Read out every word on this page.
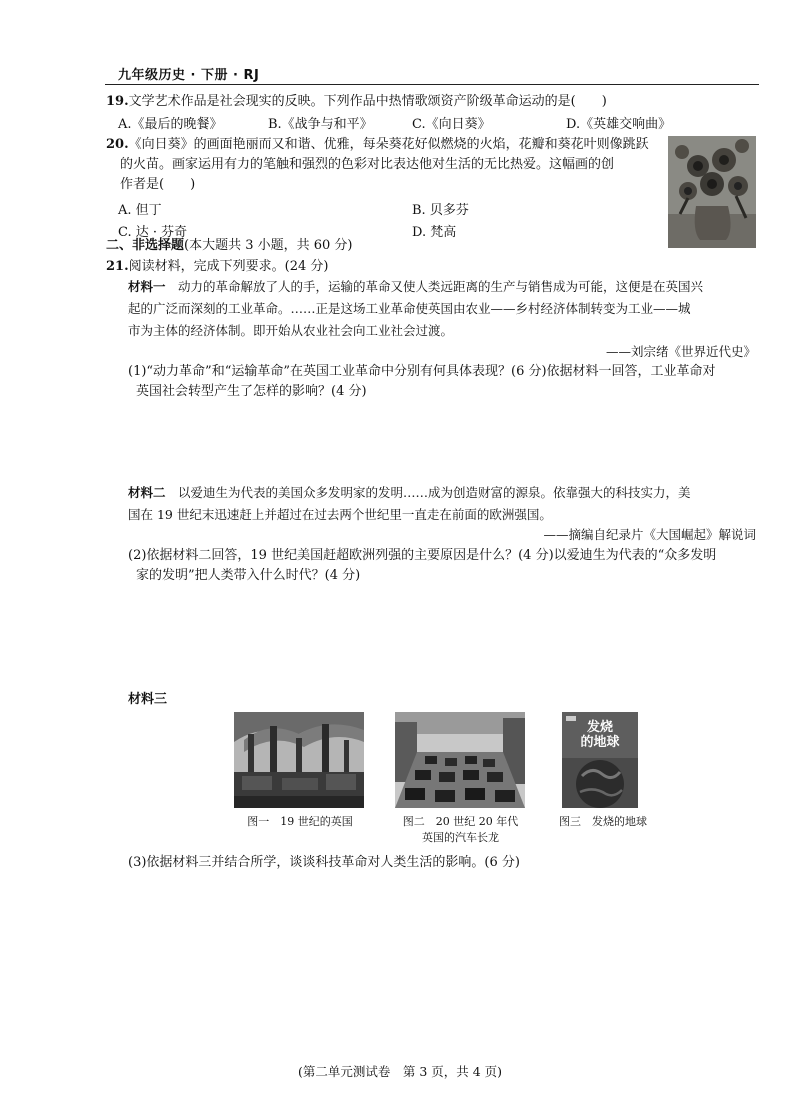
九年级历史 · 下册 · RJ
19.文学艺术作品是社会现实的反映。下列作品中热情歌颂资产阶级革命运动的是(　　)
A.《最后的晚餐》	B.《战争与和平》	C.《向日葵》	D.《英雄交响曲》
20.《向日葵》的画面艳丽而又和谐、优雅，每朵葵花好似燃烧的火焰，花瓣和葵花叶则像跳跃
的火苗。画家运用有力的笔触和强烈的色彩对比表达他对生活的无比热爱。这幅画的创
作者是(　　)
A. 但丁	B. 贝多芬
C. 达 · 芬奇	D. 梵高
二、非选择题(本大题共 3 小题，共 60 分)
21.阅读材料，完成下列要求。(24 分)
材料一　 动力的革命解放了人的手，运输的革命又使人类远距离的生产与销售成为可能，这便是在英国兴
起的广泛而深刻的工业革命。……正是这场工业革命使英国由农业——乡村经济体制转变为工业——城
市为主体的经济体制。即开始从农业社会向工业社会过渡。
——刘宗绪《世界近代史》
(1)“动力革命”和“运输革命”在英国工业革命中分别有何具体表现？(6 分)依据材料一回答，工业革命对
英国社会转型产生了怎样的影响？(4 分)
材料二　 以爱迪生为代表的美国众多发明家的发明……成为创造财富的源泉。依靠强大的科技实力，美
国在 19 世纪末迅速赶上并超过在过去两个世纪里一直走在前面的欧洲强国。
——摘编自纪录片《大国崛起》解说词
(2)依据材料二回答，19 世纪美国赶超欧洲列强的主要原因是什么？(4 分)以爱迪生为代表的“众多发明
家的发明”把人类带入什么时代？(4 分)
材料三
发烧
的地球
图一　19 世纪的英国	图二　20 世纪 20 年代
英国的汽车长龙
图三　发烧的地球
(3)依据材料三并结合所学，谈谈科技革命对人类生活的影响。(6 分)
(第二单元测试卷　第 3 页，共 4 页)
